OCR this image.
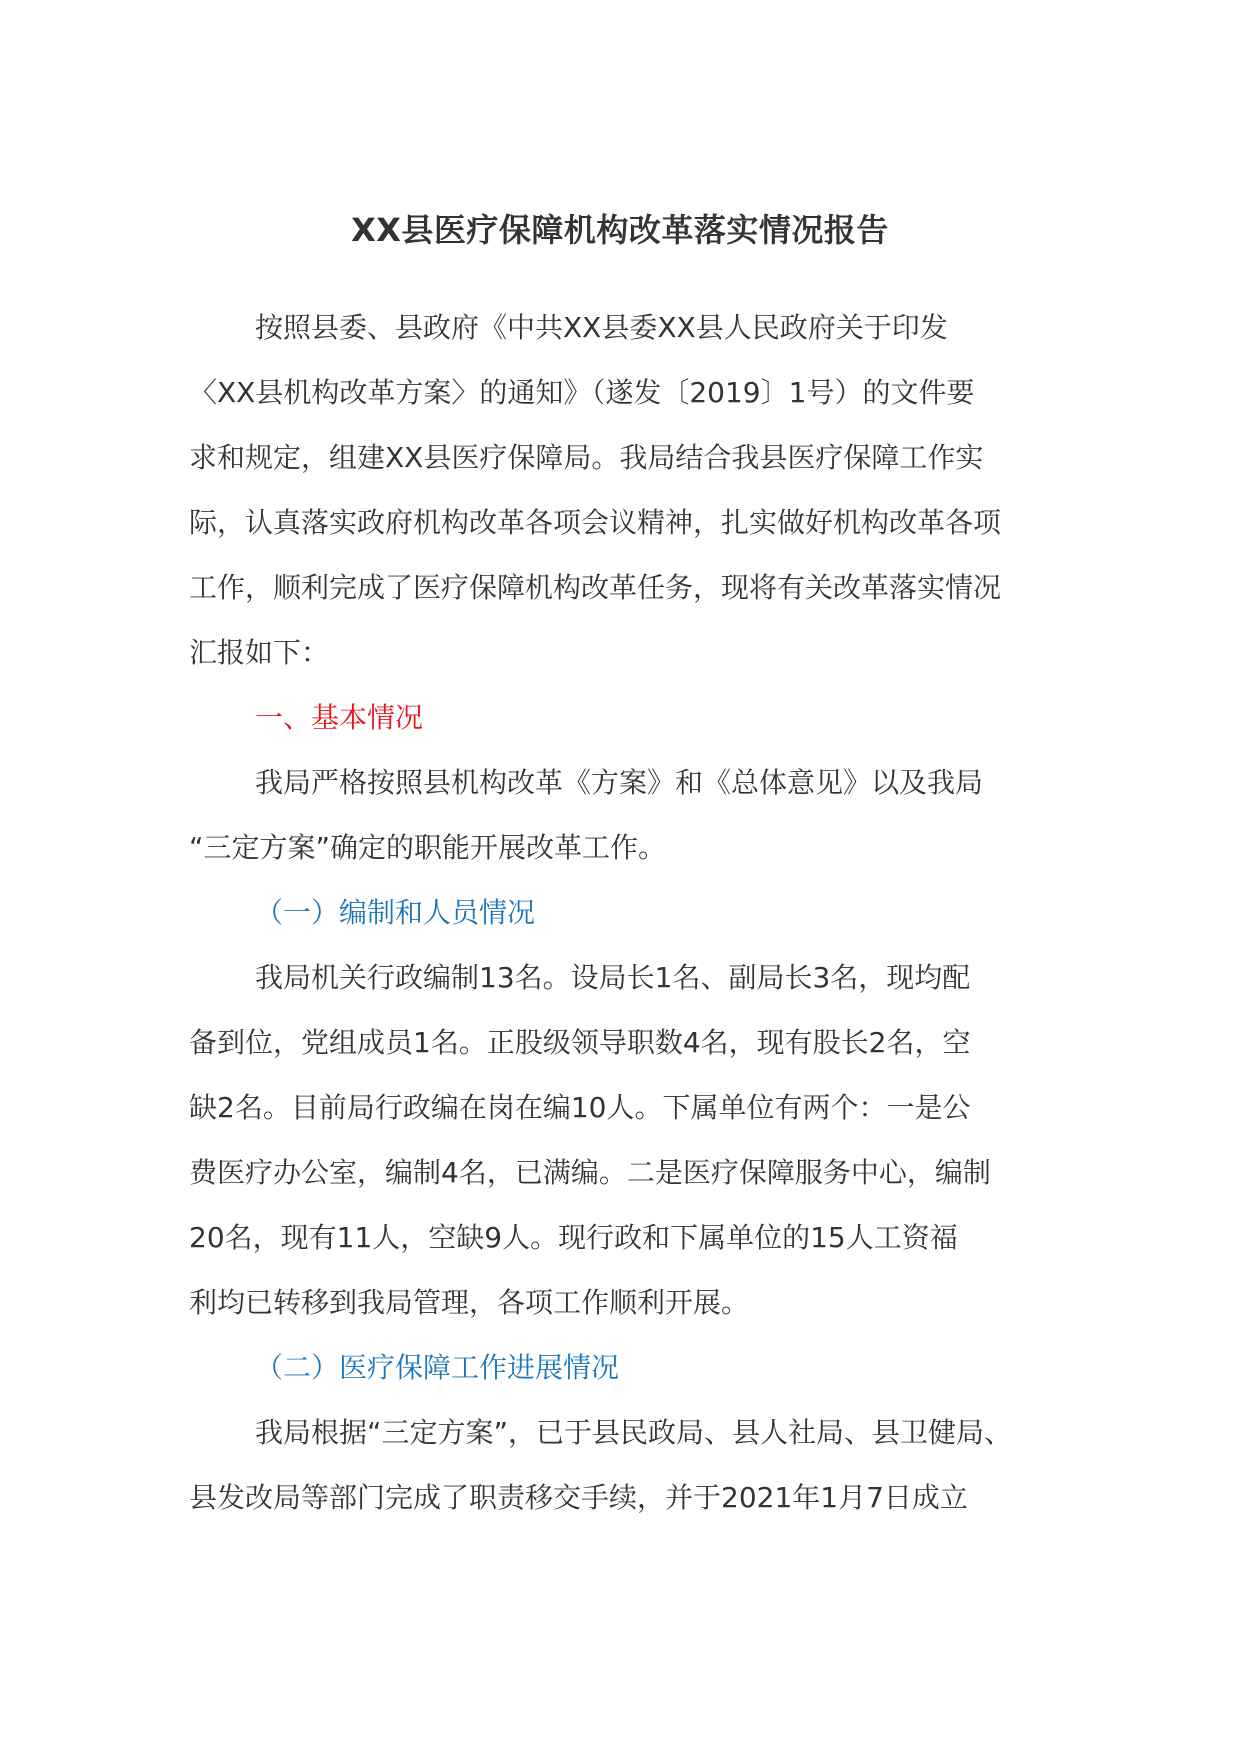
XX县医疗保障机构改革落实情况报告
按照县委、县政府《中共XX县委XX县人民政府关于印发
〈XX县机构改革方案〉的通知》（遂发〔2019〕1号）的文件要
求和规定，组建XX县医疗保障局。我局结合我县医疗保障工作实
际，认真落实政府机构改革各项会议精神，扎实做好机构改革各项
工作，顺利完成了医疗保障机构改革任务，现将有关改革落实情况
汇报如下：
一、基本情况
我局严格按照县机构改革《方案》和《总体意见》以及我局
“三定方案”确定的职能开展改革工作。
（一）编制和人员情况
我局机关行政编制13名。设局长1名、副局长3名，现均配
备到位，党组成员1名。正股级领导职数4名，现有股长2名，空
缺2名。目前局行政编在岗在编10人。下属单位有两个：一是公
费医疗办公室，编制4名，已满编。二是医疗保障服务中心，编制
20名，现有11人，空缺9人。现行政和下属单位的15人工资福
利均已转移到我局管理，各项工作顺利开展。
（二）医疗保障工作进展情况
我局根据“三定方案”，已于县民政局、县人社局、县卫健局、
县发改局等部门完成了职责移交手续，并于2021年1月7日成立
